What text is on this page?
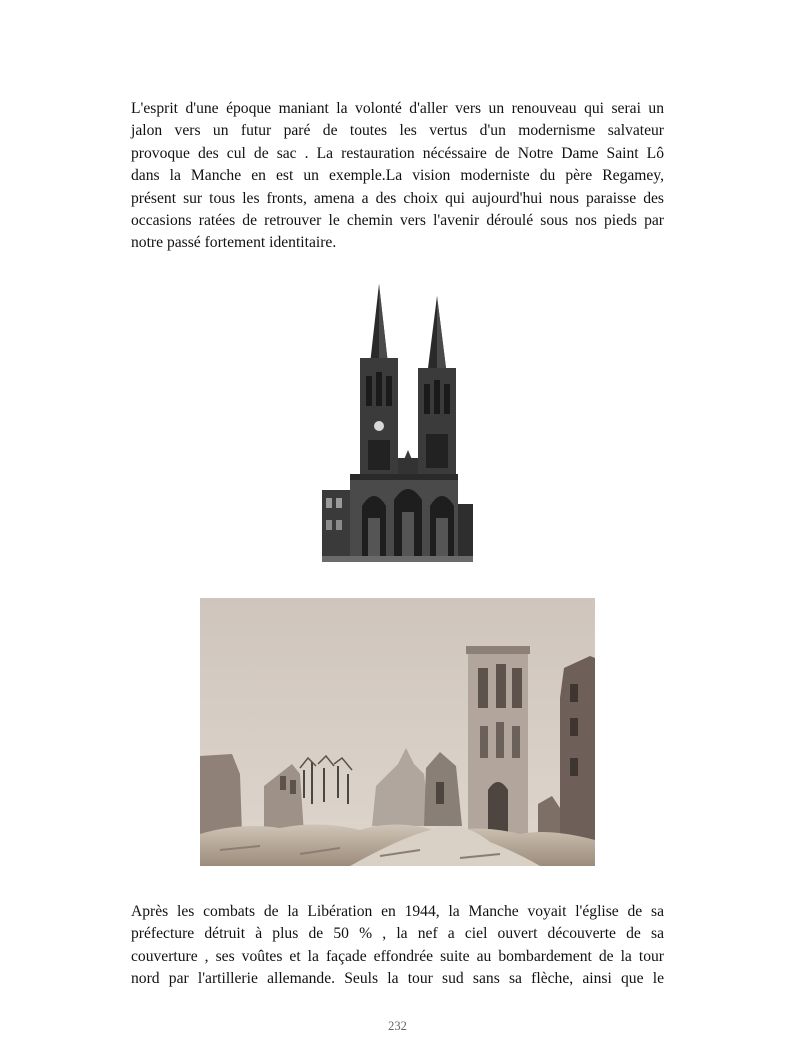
L'esprit d'une époque maniant la volonté d'aller vers un renouveau qui serai un
jalon vers un futur paré de toutes les vertus d'un modernisme salvateur
provoque des cul de sac . La restauration nécéssaire de Notre Dame Saint Lô
dans la Manche en est un exemple.La vision moderniste du père Regamey,
présent sur tous les fronts, amena a des choix qui aujourd'hui nous paraisse des
occasions ratées de retrouver le chemin vers l'avenir déroulé sous nos pieds par
notre passé fortement identitaire.
Après les combats de la Libération en 1944, la Manche voyait l'église de sa
préfecture détruit à plus de 50 % , la nef a ciel ouvert découverte de sa
couverture , ses voûtes et la façade effondrée suite au bombardement de la tour
nord par l'artillerie allemande. Seuls la tour sud sans sa flèche, ainsi que le
232
